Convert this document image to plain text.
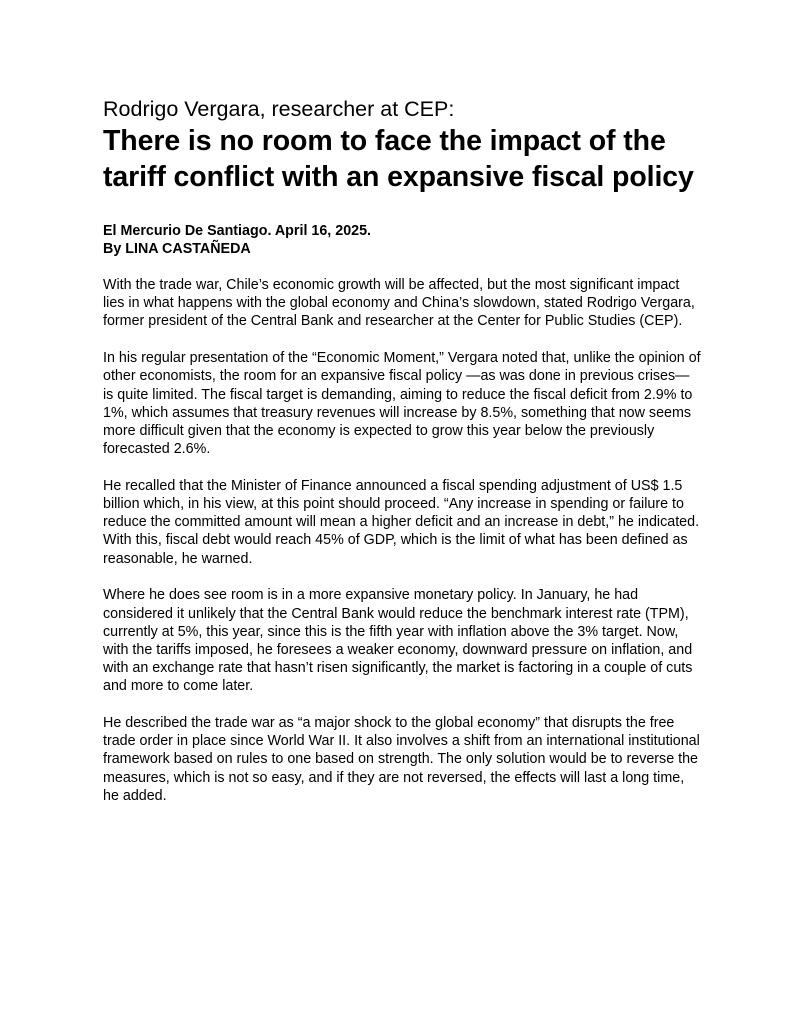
Rodrigo Vergara, researcher at CEP:
There is no room to face the impact of the tariff conflict with an expansive fiscal policy
El Mercurio De Santiago. April 16, 2025.
By LINA CASTAÑEDA

With the trade war, Chile’s economic growth will be affected, but the most significant impact lies in what happens with the global economy and China’s slowdown, stated Rodrigo Vergara, former president of the Central Bank and researcher at the Center for Public Studies (CEP).

In his regular presentation of the “Economic Moment,” Vergara noted that, unlike the opinion of other economists, the room for an expansive fiscal policy —as was done in previous crises— is quite limited. The fiscal target is demanding, aiming to reduce the fiscal deficit from 2.9% to 1%, which assumes that treasury revenues will increase by 8.5%, something that now seems more difficult given that the economy is expected to grow this year below the previously forecasted 2.6%.

He recalled that the Minister of Finance announced a fiscal spending adjustment of US$ 1.5 billion which, in his view, at this point should proceed. “Any increase in spending or failure to reduce the committed amount will mean a higher deficit and an increase in debt,” he indicated. With this, fiscal debt would reach 45% of GDP, which is the limit of what has been defined as reasonable, he warned.

Where he does see room is in a more expansive monetary policy. In January, he had considered it unlikely that the Central Bank would reduce the benchmark interest rate (TPM), currently at 5%, this year, since this is the fifth year with inflation above the 3% target. Now, with the tariffs imposed, he foresees a weaker economy, downward pressure on inflation, and with an exchange rate that hasn’t risen significantly, the market is factoring in a couple of cuts and more to come later.

He described the trade war as “a major shock to the global economy” that disrupts the free trade order in place since World War II. It also involves a shift from an international institutional framework based on rules to one based on strength. The only solution would be to reverse the measures, which is not so easy, and if they are not reversed, the effects will last a long time, he added.
